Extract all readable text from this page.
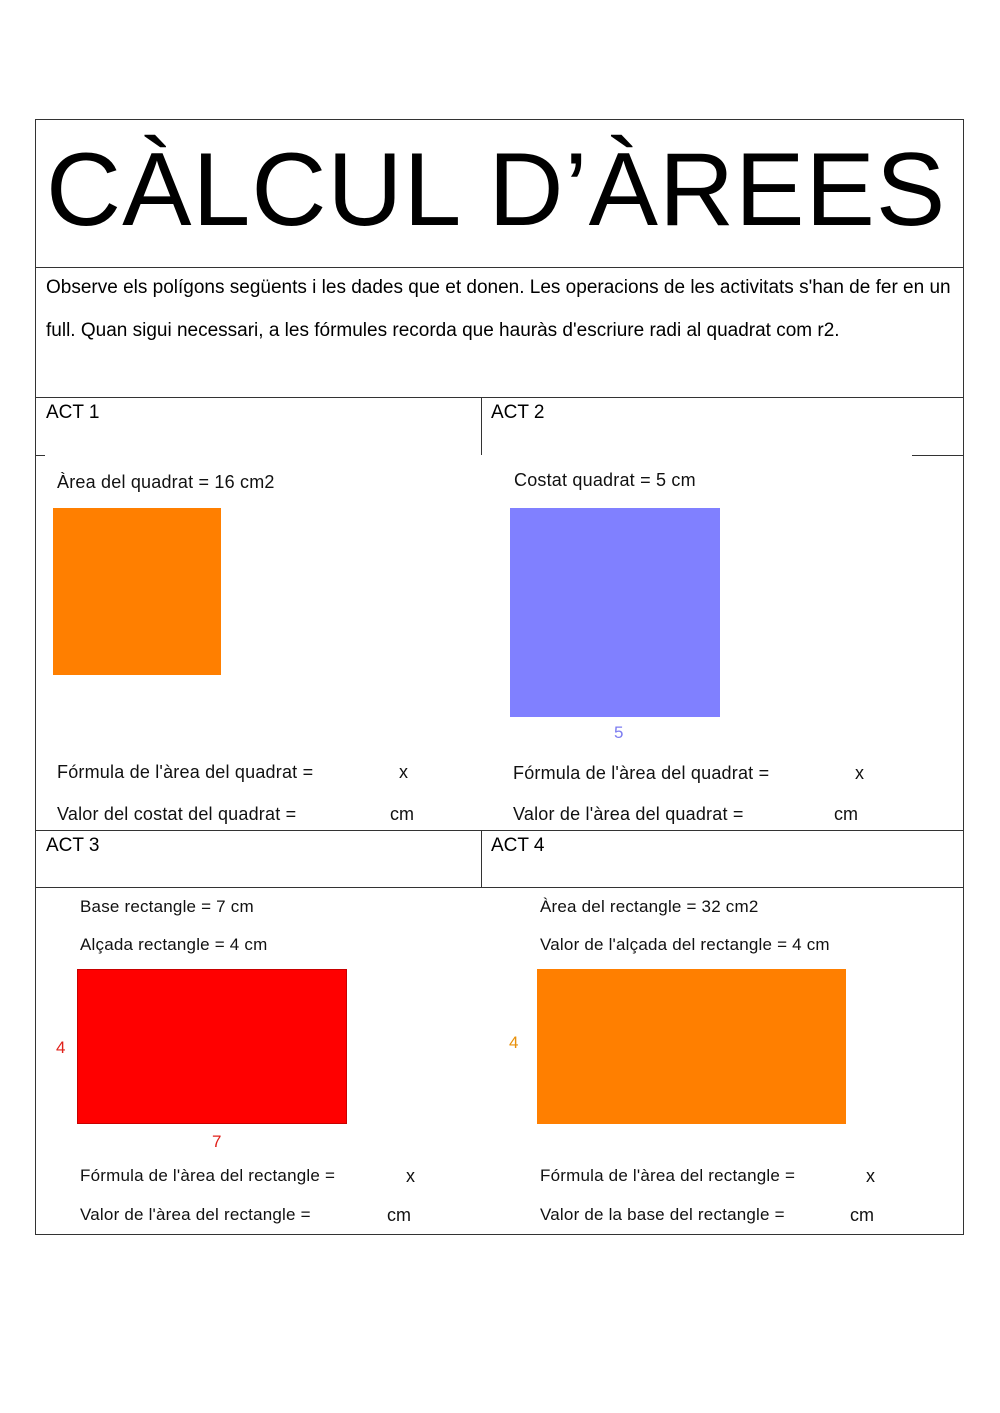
CÀLCUL D’ÀREES
Observe els polígons següents i les dades que et donen. Les operacions de les activitats s'han de fer en un full. Quan sigui necessari, a les fórmules recorda que hauràs d'escriure radi al quadrat com r2.
ACT 1
Àrea del quadrat = 16 cm2
Fórmula de l'àrea del quadrat =	x
Valor del costat del quadrat =	cm
ACT 2
Costat quadrat = 5 cm
5
Fórmula de l'àrea del quadrat =	x
Valor de l'àrea del quadrat =	cm
ACT 3
Base rectangle = 7 cm
Alçada rectangle = 4 cm
4
7
Fórmula de l'àrea del rectangle =	x
Valor de l'àrea del rectangle =	cm
ACT 4
Àrea del rectangle = 32 cm2
Valor de l'alçada del rectangle = 4 cm
4
Fórmula de l'àrea del rectangle =	x
Valor de la base del rectangle =	cm
